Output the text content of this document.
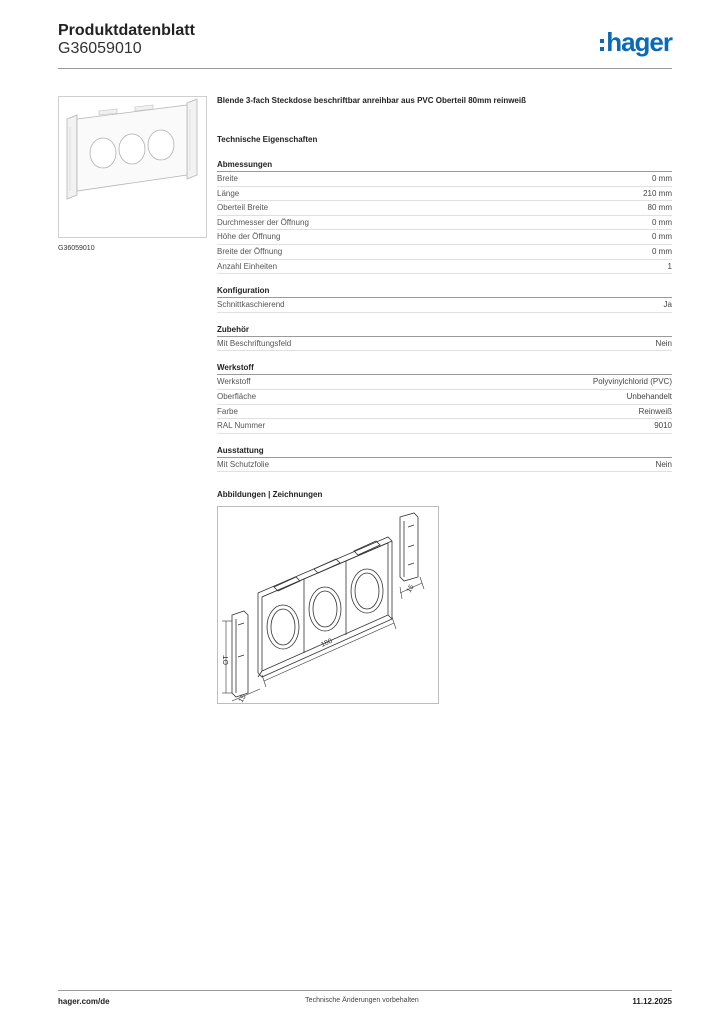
Produktdatenblatt
G36059010	hager
G36059010

Blende 3-fach Steckdose beschriftbar anreihbar aus PVC Oberteil 80mm reinweiß

Technische Eigenschaften
Abmessungen
Breite	0 mm
Länge	210 mm
Oberteil Breite	80 mm
Durchmesser der Öffnung	0 mm
Höhe der Öffnung	0 mm
Breite der Öffnung	0 mm
Anzahl Einheiten	1
Konfiguration
Schnittkaschierend	Ja
Zubehör
Mit Beschriftungsfeld	Nein
Werkstoff
Werkstoff	Polyvinylchlorid (PVC)
Oberfläche	Unbehandelt
Farbe	Reinweiß
RAL Nummer	9010
Ausstattung
Mit Schutzfolie	Nein
Abbildungen | Zeichnungen
180
15
15
OT
hager.com/de	Technische Änderungen vorbehalten	11.12.2025
